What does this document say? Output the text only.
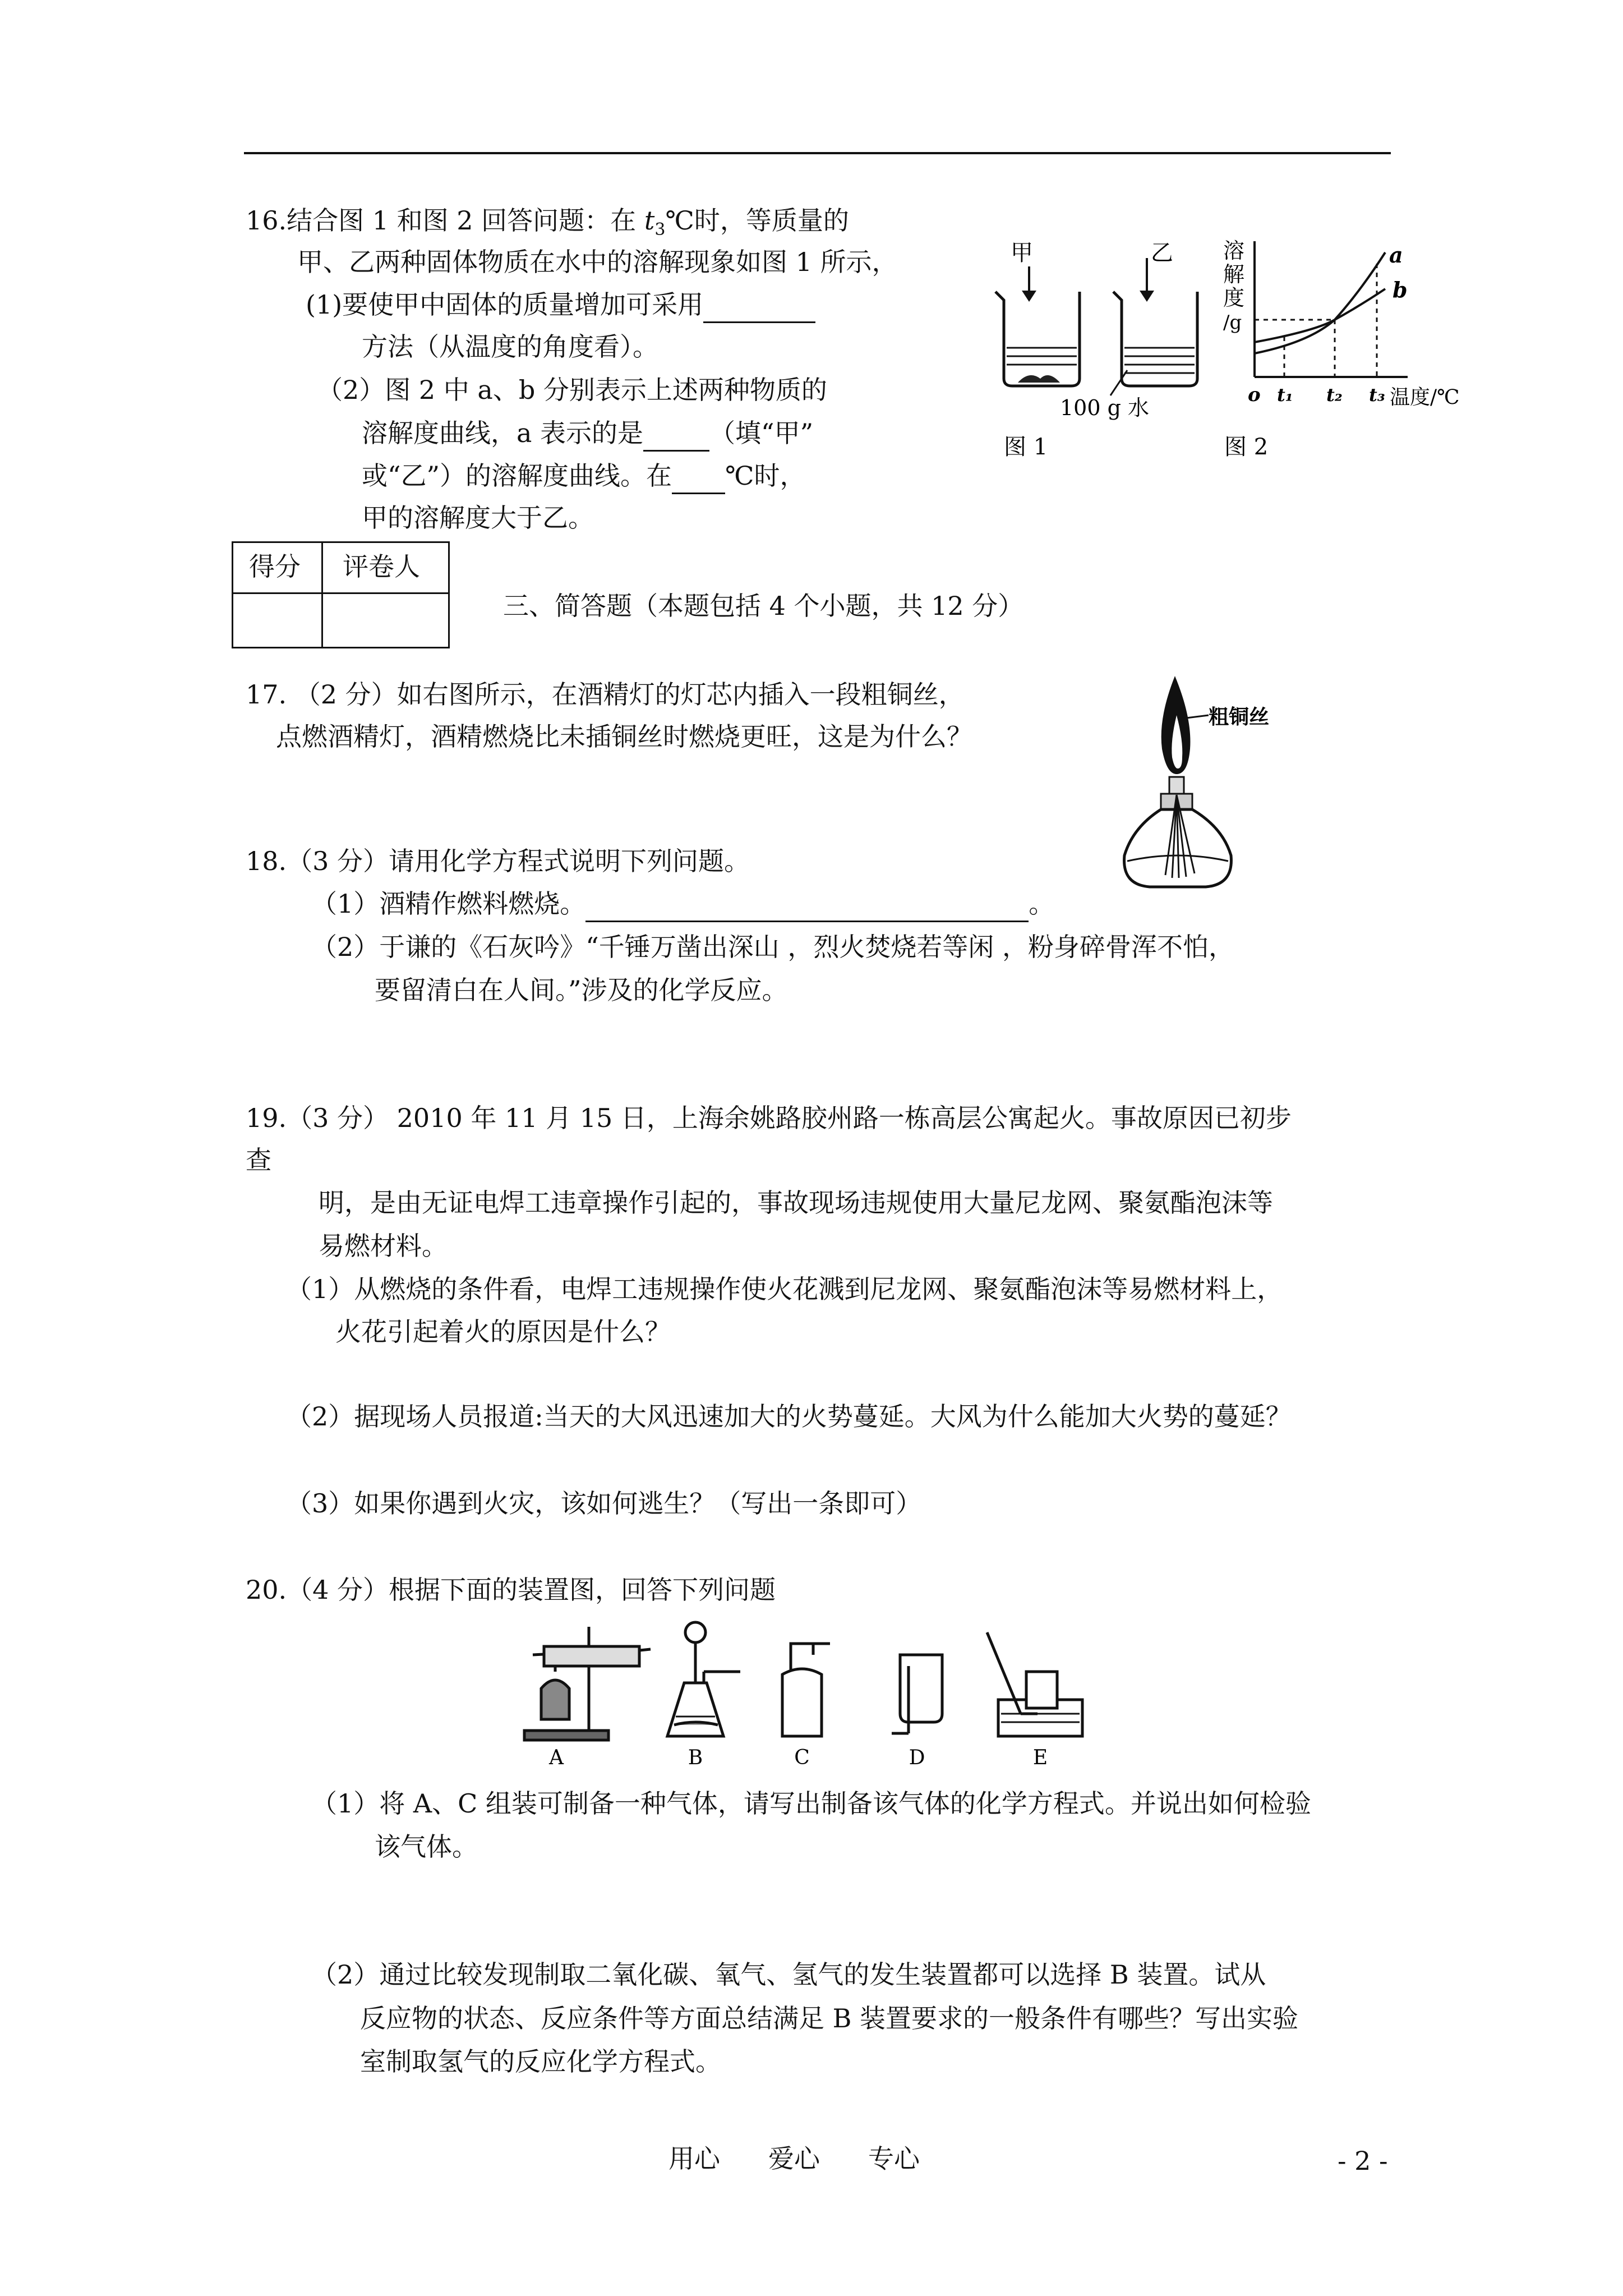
16.结合图 1 和图 2 回答问题：在 $t_3℃$时，等质量的
甲、乙两种固体物质在水中的溶解现象如图 1 所示，
(1)要使甲中固体的质量增加可采用
方法（从温度的角度看）。
（2）图 2 中 a、b 分别表示上述两种物质的
溶解度曲线，a 表示的是	（填“甲”
或“乙”）的溶解度曲线。在 ℃时，
甲的溶解度大于乙。
甲	乙
100 g 水
图 1
溶
解
度
/g
a
b
o t₁ t₂ t₃ 温度/℃
图 2
得分 评卷人
三、简答题（本题包括 4 个小题，共 12 分）
17. （2 分）如右图所示，在酒精灯的灯芯内插入一段粗铜丝，
点燃酒精灯，酒精燃烧比未插铜丝时燃烧更旺，这是为什么？
粗铜丝
18.（3 分）请用化学方程式说明下列问题。
（1）酒精作燃料燃烧。	。
（2）于谦的《石灰吟》“千锤万凿出深山 ，烈火焚烧若等闲 ，粉身碎骨浑不怕，
要留清白在人间。”涉及的化学反应。
19.（3 分） 2010 年 11 月 15 日，上海余姚路胶州路一栋高层公寓起火。事故原因已初步
查
明，是由无证电焊工违章操作引起的，事故现场违规使用大量尼龙网、聚氨酯泡沫等
易燃材料。
（1）从燃烧的条件看，电焊工违规操作使火花溅到尼龙网、聚氨酯泡沫等易燃材料上，
火花引起着火的原因是什么？
（2）据现场人员报道:当天的大风迅速加大的火势蔓延。大风为什么能加大火势的蔓延？
（3）如果你遇到火灾，该如何逃生？（写出一条即可）
20.（4 分）根据下面的装置图，回答下列问题
A	B	C	D	E
（1）将 A、C 组装可制备一种气体，请写出制备该气体的化学方程式。并说出如何检验
该气体。
（2）通过比较发现制取二氧化碳、氧气、氢气的发生装置都可以选择 B 装置。试从
反应物的状态、反应条件等方面总结满足 B 装置要求的一般条件有哪些？写出实验
室制取氢气的反应化学方程式。
用心 爱心 专心	- 2 -
